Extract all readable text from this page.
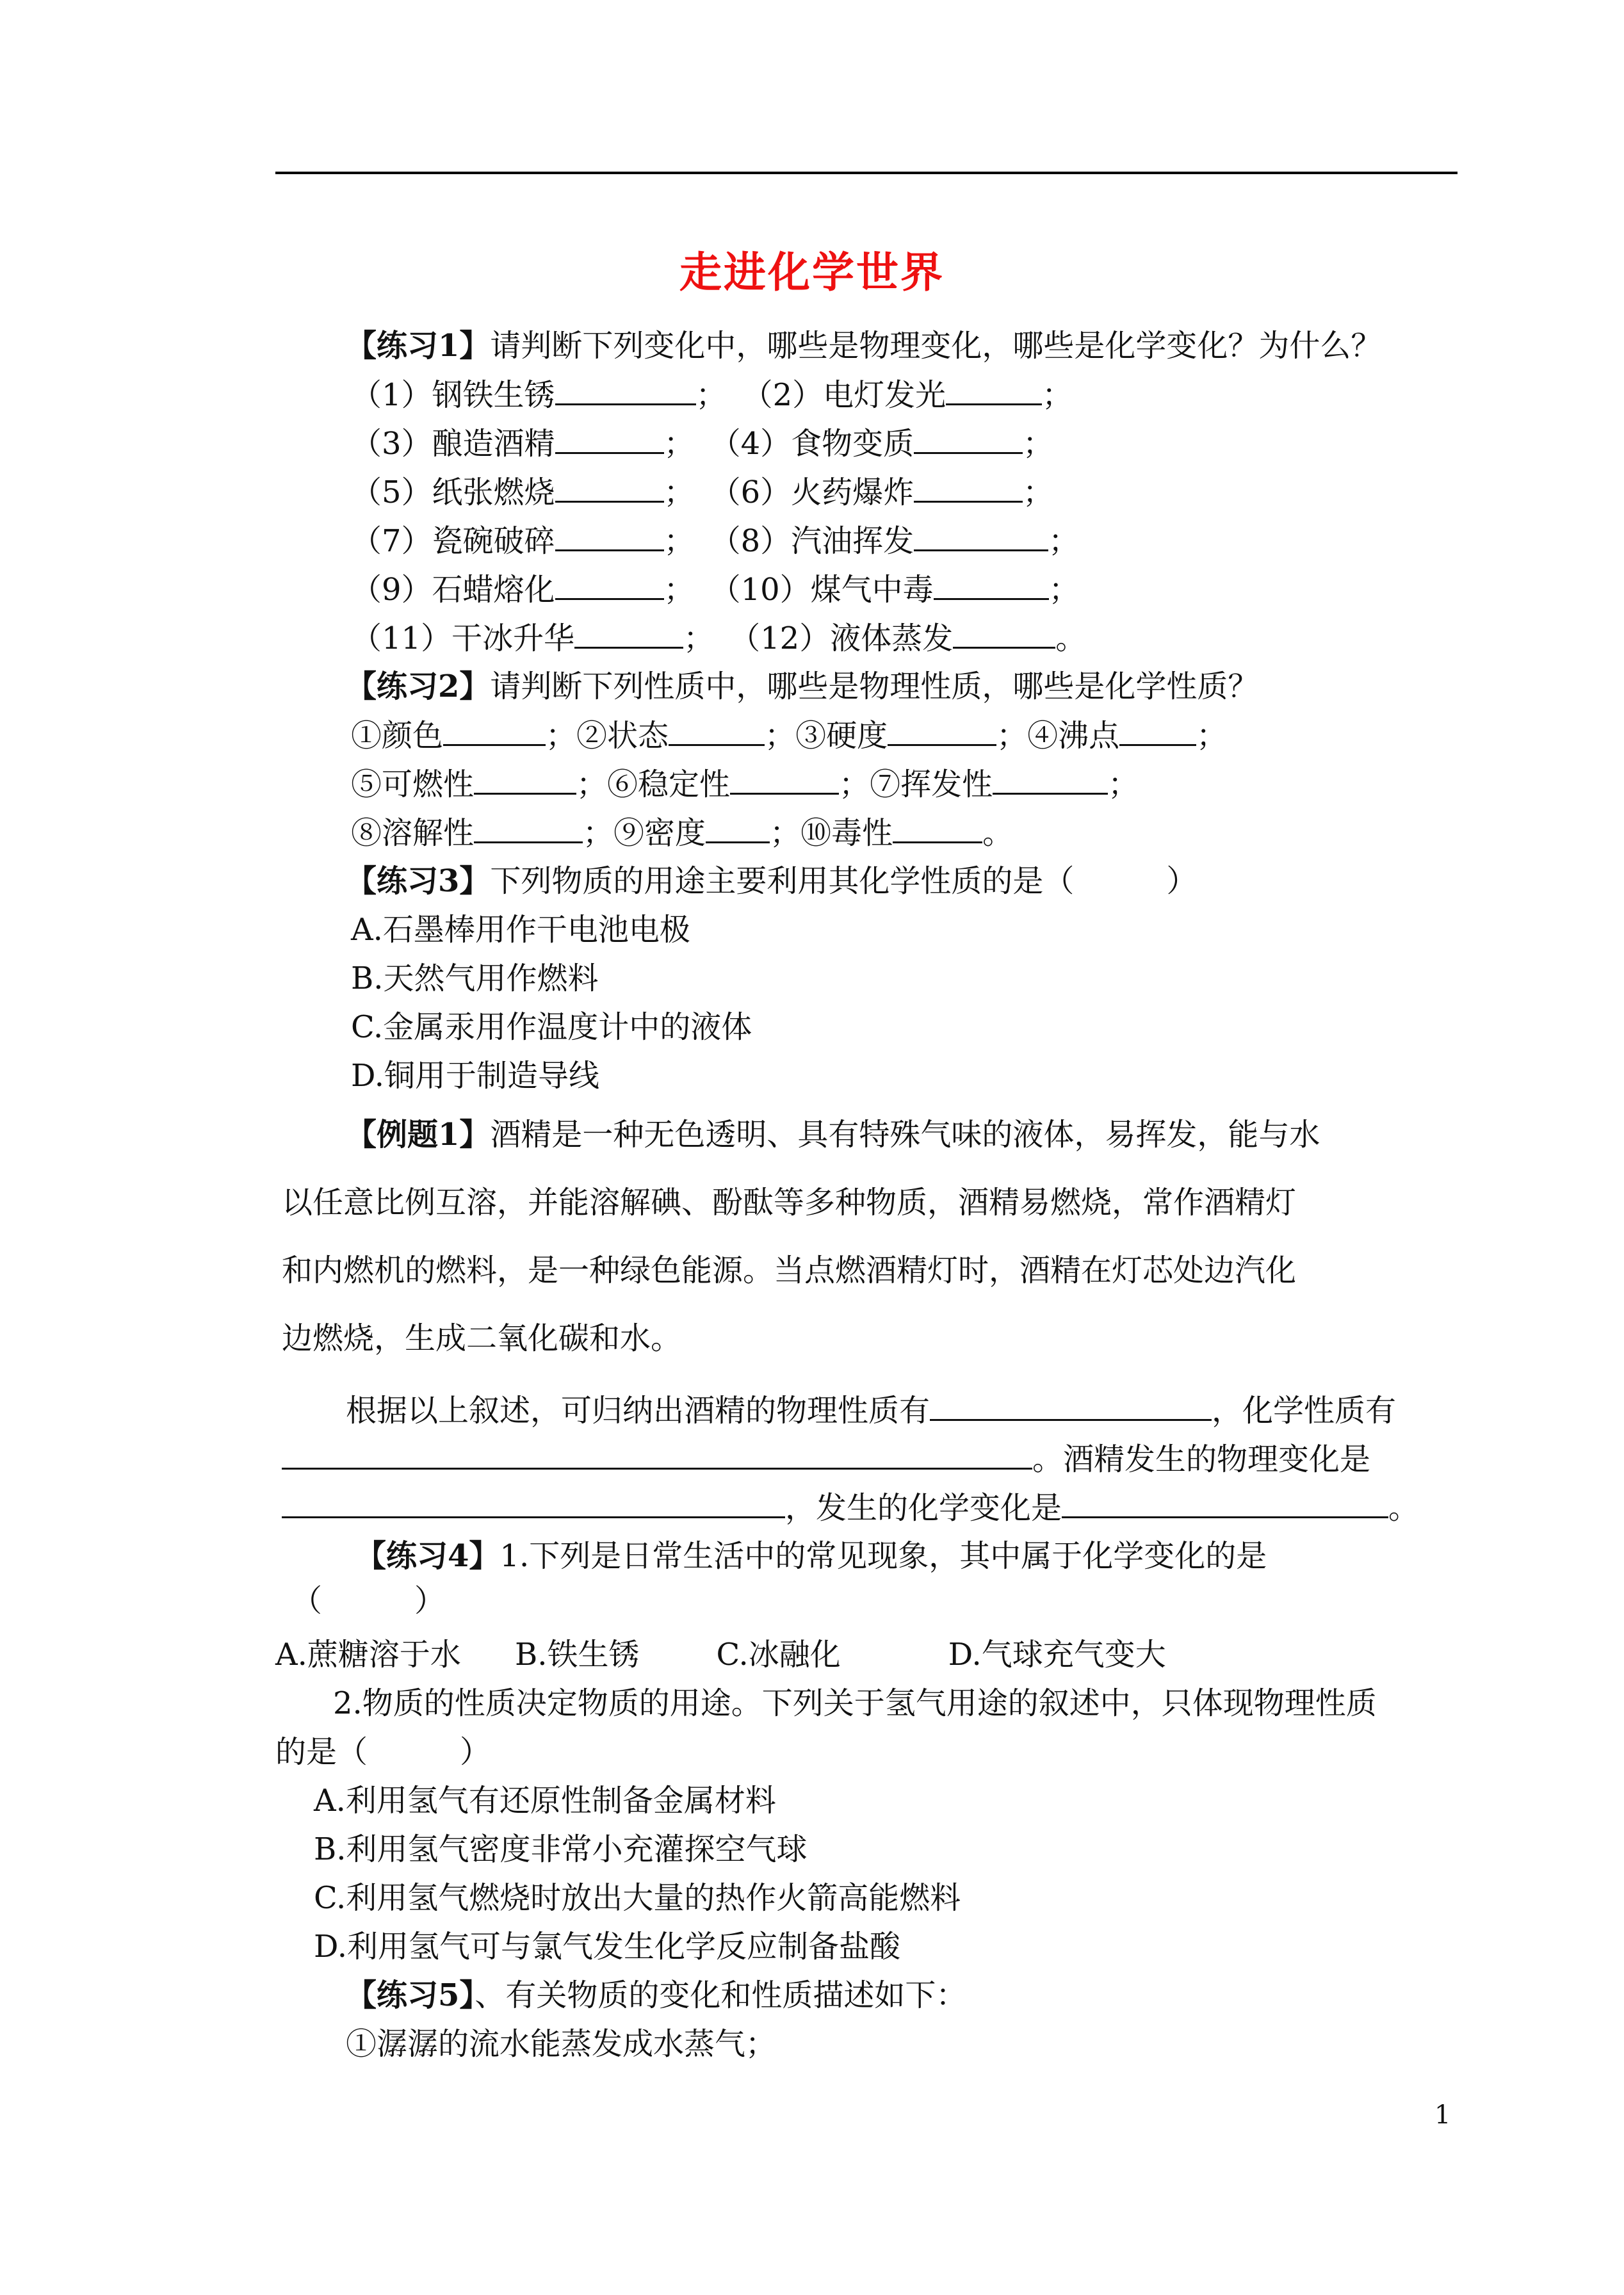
走进化学世界
【练习1】请判断下列变化中，哪些是物理变化，哪些是化学变化？为什么？
（1）钢铁生锈	； （2）电灯发光	；
（3）酿造酒精	； （4）食物变质	；
（5）纸张燃烧	； （6）火药爆炸	；
（7）瓷碗破碎	； （8）汽油挥发	；
（9）石蜡熔化	； （10）煤气中毒	；
（11）干冰升华	； （12）液体蒸发	。
【练习2】请判断下列性质中，哪些是物理性质，哪些是化学性质？
①颜色	；②状态	；③硬度	；④沸点	；
⑤可燃性	；⑥稳定性	；⑦挥发性	；
⑧溶解性	；⑨密度 ；⑩毒性	。
【练习3】下列物质的用途主要利用其化学性质的是（　　　）
A.石墨棒用作干电池电极
B.天然气用作燃料
C.金属汞用作温度计中的液体
D.铜用于制造导线
【例题1】酒精是一种无色透明、具有特殊气味的液体，易挥发，能与水
以任意比例互溶，并能溶解碘、酚酞等多种物质，酒精易燃烧，常作酒精灯
和内燃机的燃料，是一种绿色能源。当点燃酒精灯时，酒精在灯芯处边汽化
边燃烧，生成二氧化碳和水。
根据以上叙述，可归纳出酒精的物理性质有	，化学性质有
。酒精发生的物理变化是
，发生的化学变化是	。
【练习4】1.下列是日常生活中的常见现象，其中属于化学变化的是
（　　　）
A.蔗糖溶于水 B.铁生锈	C.冰融化	D.气球充气变大
2.物质的性质决定物质的用途。下列关于氢气用途的叙述中，只体现物理性质
的是（　　　）
A.利用氢气有还原性制备金属材料
B.利用氢气密度非常小充灌探空气球
C.利用氢气燃烧时放出大量的热作火箭高能燃料
D.利用氢气可与氯气发生化学反应制备盐酸
【练习5】、有关物质的变化和性质描述如下：
①潺潺的流水能蒸发成水蒸气；
1
